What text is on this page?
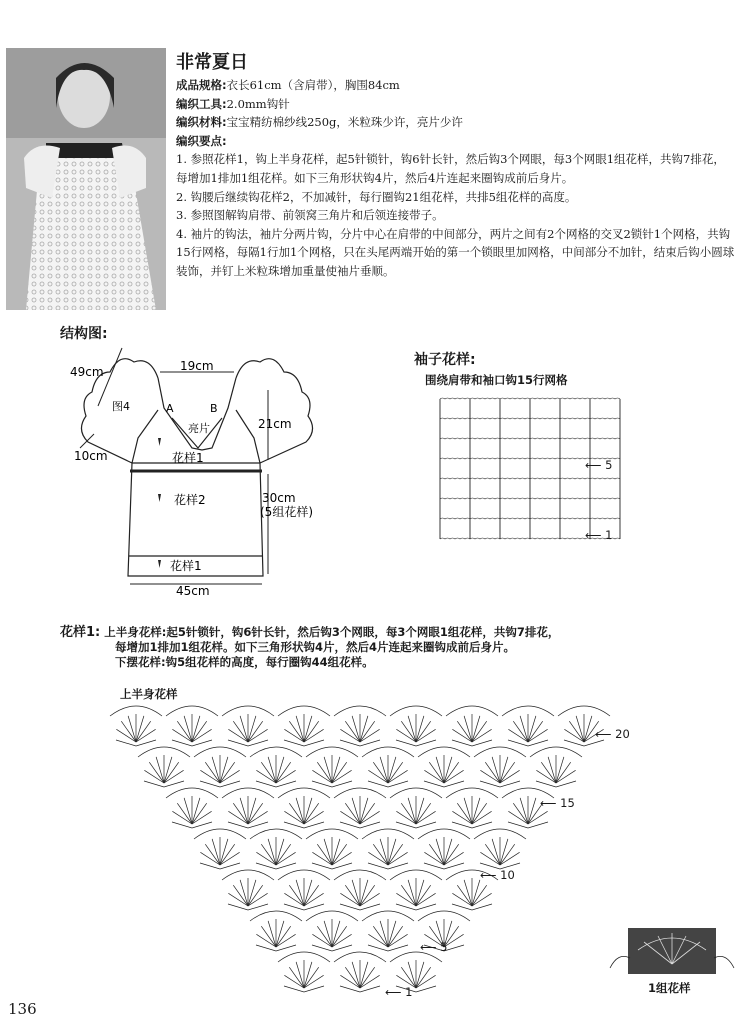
非常夏日

成品规格:衣长61cm（含肩带），胸围84cm

编织工具:2.0mm钩针

编织材料:宝宝精纺棉纱线250g，米粒珠少许，亮片少许

编织要点:

1. 参照花样1，钩上半身花样，起5针锁针，钩6针长针，然后钩3个网眼，每3个网眼1组花样，共钩7排花，每增加1排加1组花样。如下三角形状钩4片，然后4片连起来圈钩成前后身片。

2. 钩腰后继续钩花样2，不加减针，每行圈钩21组花样，共排5组花样的高度。

3. 参照图解钩肩带、前领窝三角片和后领连接带子。

4. 袖片的钩法，袖片分两片钩，分片中心在肩带的中间部分，两片之间有2个网格的交叉2锁针1个网格，共钩15行网格，每隔1行加1个网格，只在头尾两端开始的第一个锁眼里加网格，中间部分不加针，结束后钩小圆球装饰，并钉上米粒珠增加重量使袖片垂顺。

结构图:
49cm	19cm
图4	A	B
亮片	21cm
10cm	花样1
花样2	30cm
(5组花样)
花样1
45cm
袖子花样:
围绕肩带和袖口钩15行网格
⟵ 5
⟵ 1

花样1: 上半身花样:起5针锁针，钩6针长针，然后钩3个网眼，每3个网眼1组花样，共钩7排花，

每增加1排加1组花样。如下三角形状钩4片，然后4片连起来圈钩成前后身片。

下摆花样:钩5组花样的高度，每行圈钩44组花样。

上半身花样
⟵ 20
⟵ 15
⟵ 10
⟵ 5
⟵ 1	1组花样
136
